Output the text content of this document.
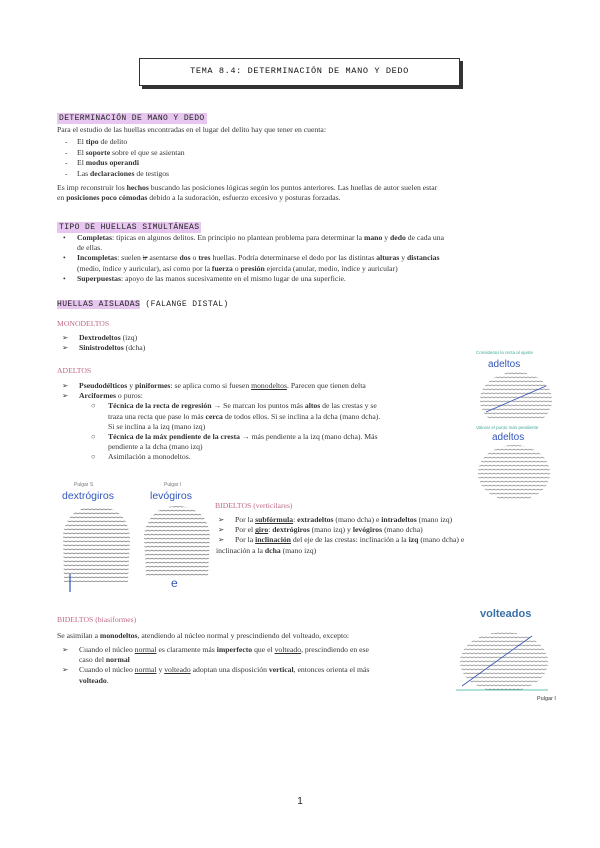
TEMA 8.4: DETERMINACIÓN DE MANO Y DEDO
DETERMINACIÓN DE MANO Y DEDO
Para el estudio de las huellas encontradas en el lugar del delito hay que tener en cuenta:
- El tipo de delito
- El soporte sobre el que se asientan
- El modus operandi
- Las declaraciones de testigos
Es imp reconstruir los hechos buscando las posiciones lógicas según los puntos anteriores. Las huellas de autor suelen estar
en posiciones poco cómodas debido a la sudoración, esfuerzo excesivo y posturas forzadas.
TIPO DE HUELLAS SIMULTÁNEAS
• Completas: típicas en algunos delitos. En principio no plantean problema para determinar la mano y dedo de cada una
de ellas.
• Incompletas: suelen ir asentarse dos o tres huellas. Podría determinarse el dedo por las distintas alturas y distancias
(medio, índice y auricular), así como por la fuerza o presión ejercida (anular, medio, índice y auricular)
• Superpuestas: apoyo de las manos sucesivamente en el mismo lugar de una superficie.
HUELLAS AISLADAS (FALANGE DISTAL)
MONODELTOS
➢ Dextrodeltos (izq)
➢ Sinistrodeltos (dcha)
ADELTOS
➢ Pseudodélticos y piniformes: se aplica como si fuesen monodeltos. Parecen que tienen delta
➢ Arciformes o puros:
○ Técnica de la recta de regresión → Se marcan los puntos más altos de las crestas y se
traza una recta que pase lo más cerca de todos ellos. Si se inclina a la dcha (mano dcha).
Si se inclina a la izq (mano izq)
○ Técnica de la máx pendiente de la cresta → más pendiente a la izq (mano dcha). Más
pendiente a la dcha (mano izq)
○ Asimilación a monodeltos.
Consideran la recta al ajuste
adeltos
Valorar el punto más pendiente
adeltos
Pulgar S
dextrógiros
Pulgar I
levógiros
e
BIDELTOS (verticilares)
➢ Por la subfórmula: extradeltos (mano dcha) e intradeltos (mano izq)
➢ Por el giro: dextrógiros (mano izq) y levógiros (mano dcha)
➢ Por la inclinación del eje de las crestas: inclinación a la izq (mano dcha) e
inclinación a la dcha (mano izq)
BIDELTOS (biasiformes)
Se asimilan a monodeltos, atendiendo al núcleo normal y prescindiendo del volteado, excepto:
➢ Cuando el núcleo normal es claramente más imperfecto que el volteado, prescindiendo en ese
caso del normal
➢ Cuando el núcleo normal y volteado adoptan una disposición vertical, entonces orienta el más
volteado.
volteados
Pulgar I
1
